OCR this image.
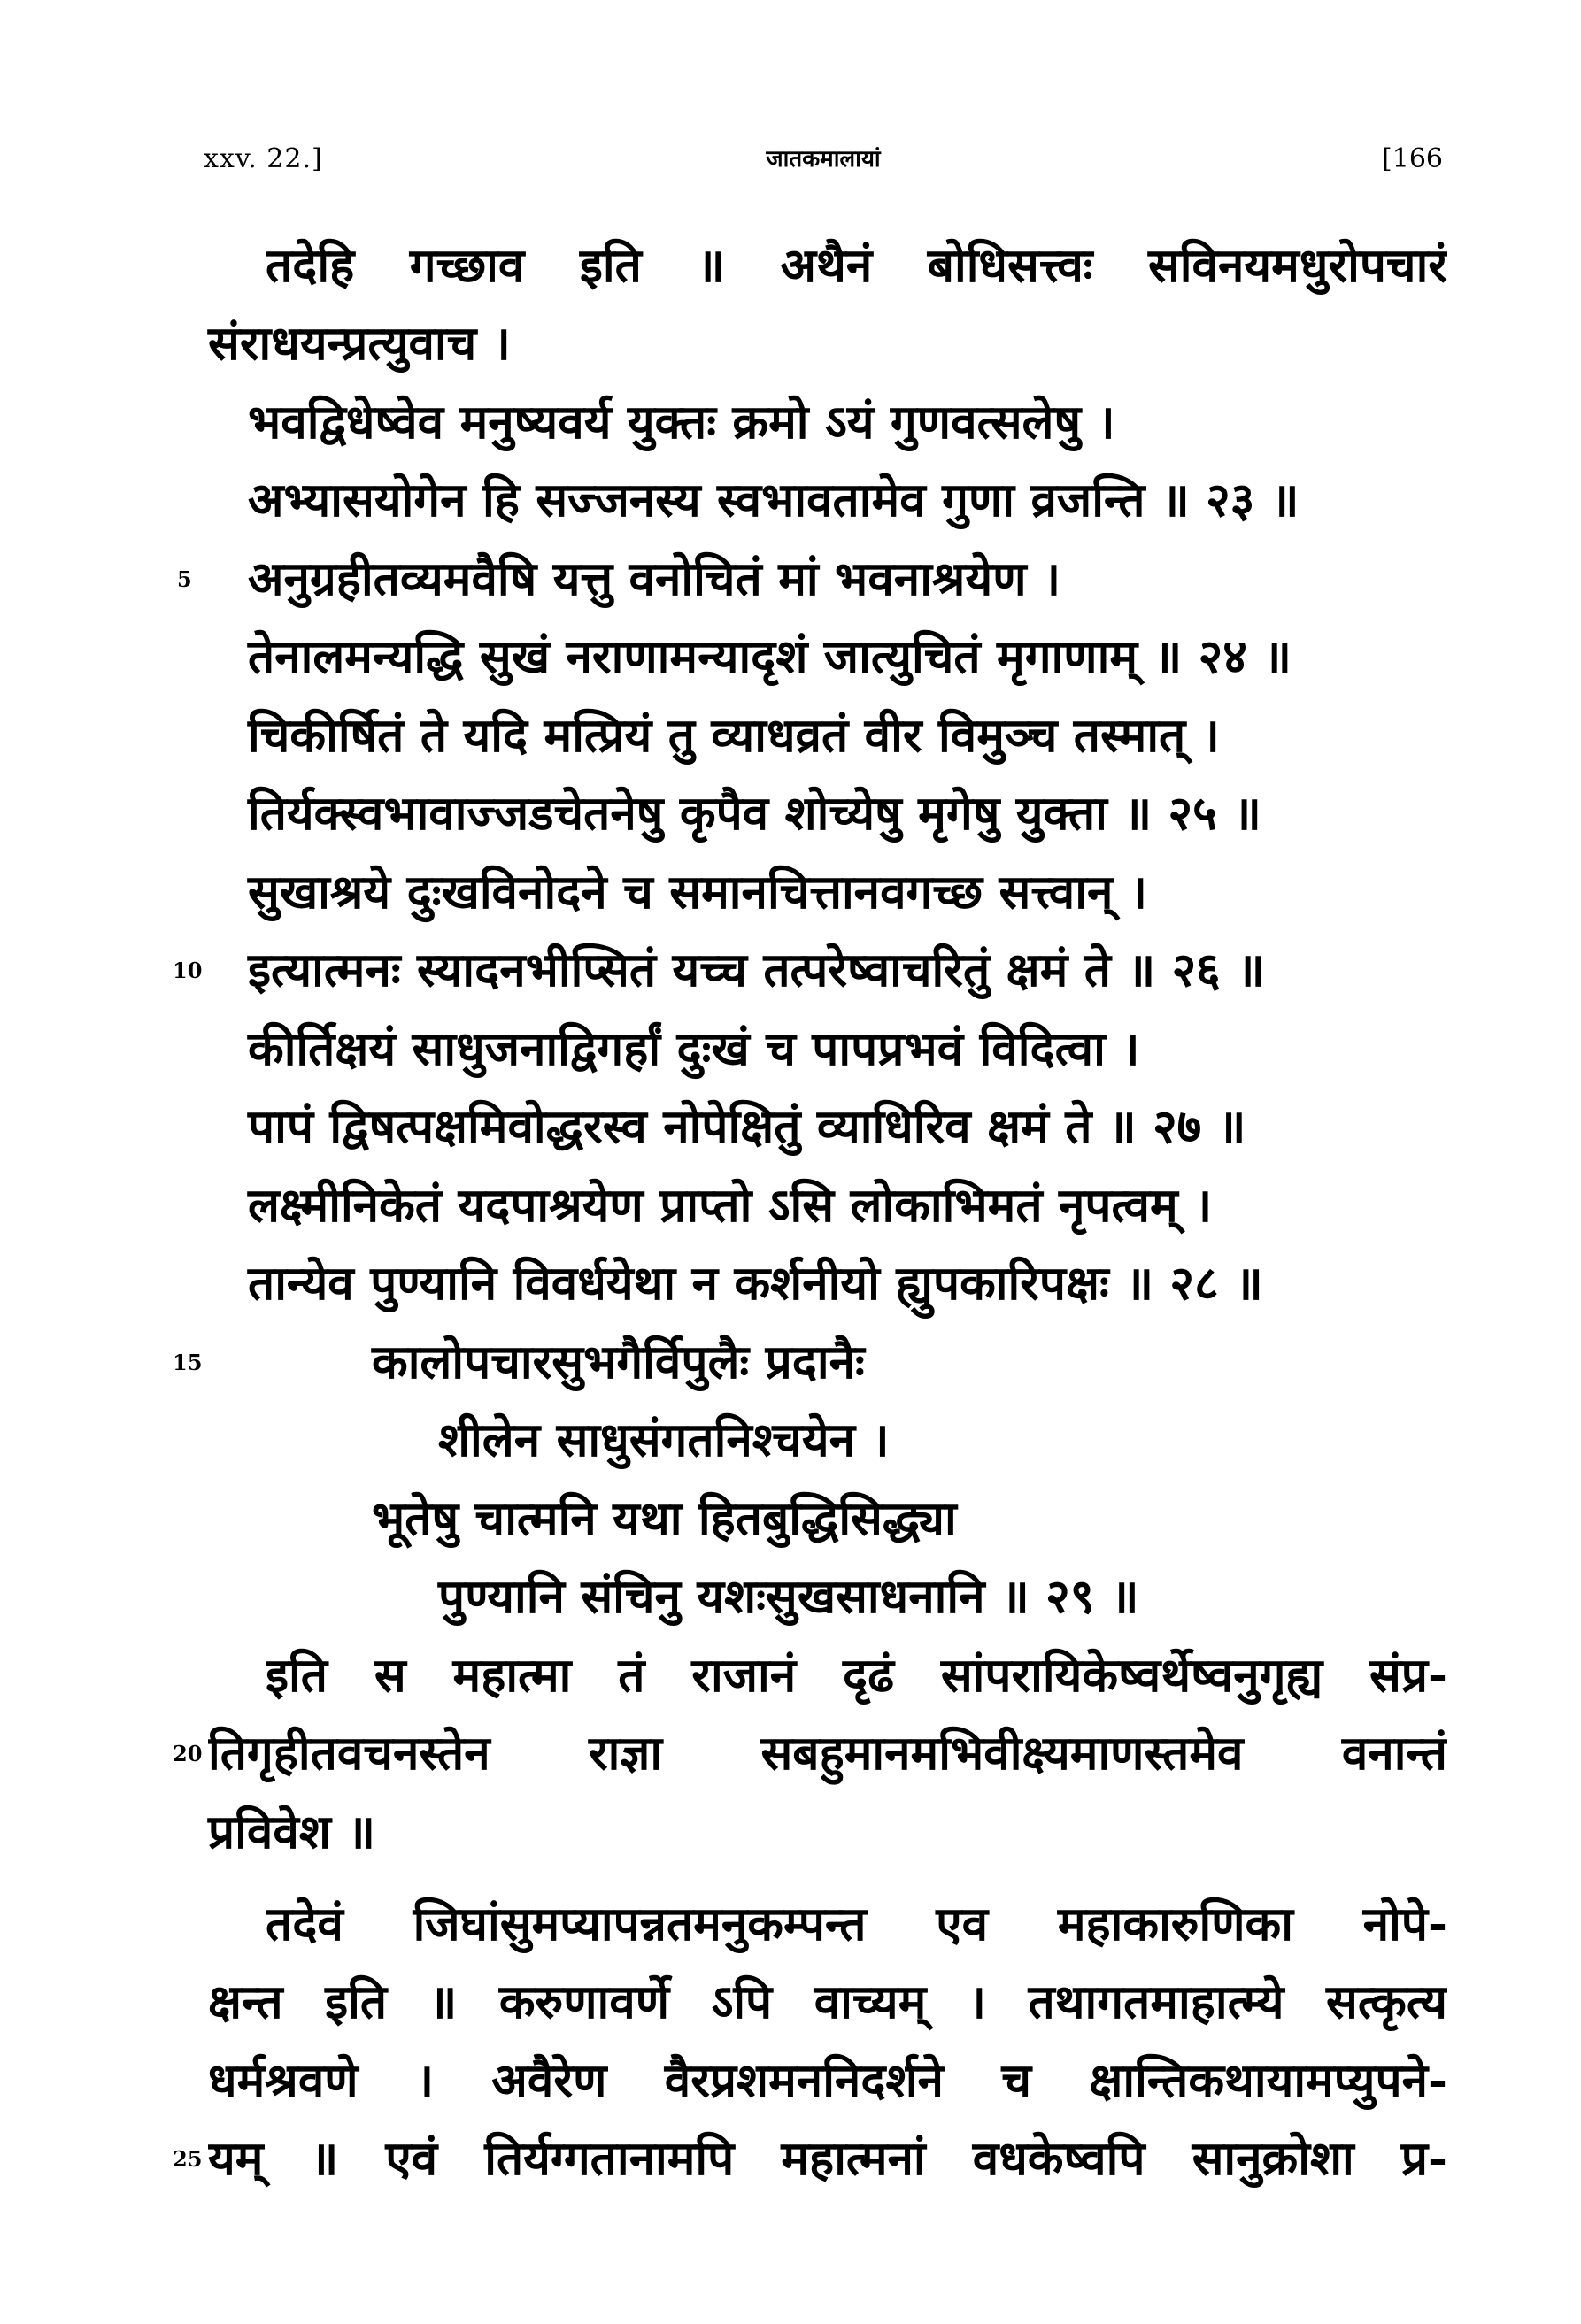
xxv. 22.]	जातकमालायां	[166
तदेहि गच्छाव इति ॥ अथैनं बोधिसत्त्वः सविनयमधुरोपचारं
संराधयन्प्रत्युवाच ।
भवद्विधेष्वेव मनुष्यवर्य युक्तः क्रमो ऽयं गुणवत्सलेषु ।
अभ्यासयोगेन हि सज्जनस्य स्वभावतामेव गुणा व्रजन्ति ॥ २३ ॥
अनुग्रहीतव्यमवैषि यत्तु वनोचितं मां भवनाश्रयेण ।
तेनालमन्यद्धि सुखं नराणामन्यादृशं जात्युचितं मृगाणाम् ॥ २४ ॥
चिकीर्षितं ते यदि मत्प्रियं तु व्याधव्रतं वीर विमुञ्च तस्मात् ।
तिर्यक्स्वभावाज्जडचेतनेषु कृपैव शोच्येषु मृगेषु युक्ता ॥ २५ ॥
सुखाश्रये दुःखविनोदने च समानचित्तानवगच्छ सत्त्वान् ।
इत्यात्मनः स्यादनभीप्सितं यच्च तत्परेष्वाचरितुं क्षमं ते ॥ २६ ॥
कीर्तिक्षयं साधुजनाद्विगर्हां दुःखं च पापप्रभवं विदित्वा ।
पापं द्विषत्पक्षमिवोद्धरस्व नोपेक्षितुं व्याधिरिव क्षमं ते ॥ २७ ॥
लक्ष्मीनिकेतं यदपाश्रयेण प्राप्तो ऽसि लोकाभिमतं नृपत्वम् ।
तान्येव पुण्यानि विवर्धयेथा न कर्शनीयो ह्युपकारिपक्षः ॥ २८ ॥
कालोपचारसुभगैर्विपुलैः प्रदानैः
शीलेन साधुसंगतनिश्चयेन ।
भूतेषु चात्मनि यथा हितबुद्धिसिद्ध्या
पुण्यानि संचिनु यशःसुखसाधनानि ॥ २९ ॥
इति स महात्मा तं राजानं दृढं सांपरायिकेष्वर्थेष्वनुगृह्य संप्र-
तिगृहीतवचनस्तेन राज्ञा सबहुमानमभिवीक्ष्यमाणस्तमेव वनान्तं
प्रविवेश ॥
तदेवं जिघांसुमप्यापन्नतमनुकम्पन्त एव महाकारुणिका नोपे-
क्षन्त इति ॥ करुणावर्णे ऽपि वाच्यम् । तथागतमाहात्म्ये सत्कृत्य
धर्मश्रवणे । अवैरेण वैरप्रशमननिदर्शने च क्षान्तिकथायामप्युपने-
यम् ॥ एवं तिर्यग्गतानामपि महात्मनां वधकेष्वपि सानुक्रोशा प्र-
5
10
15
20
25
